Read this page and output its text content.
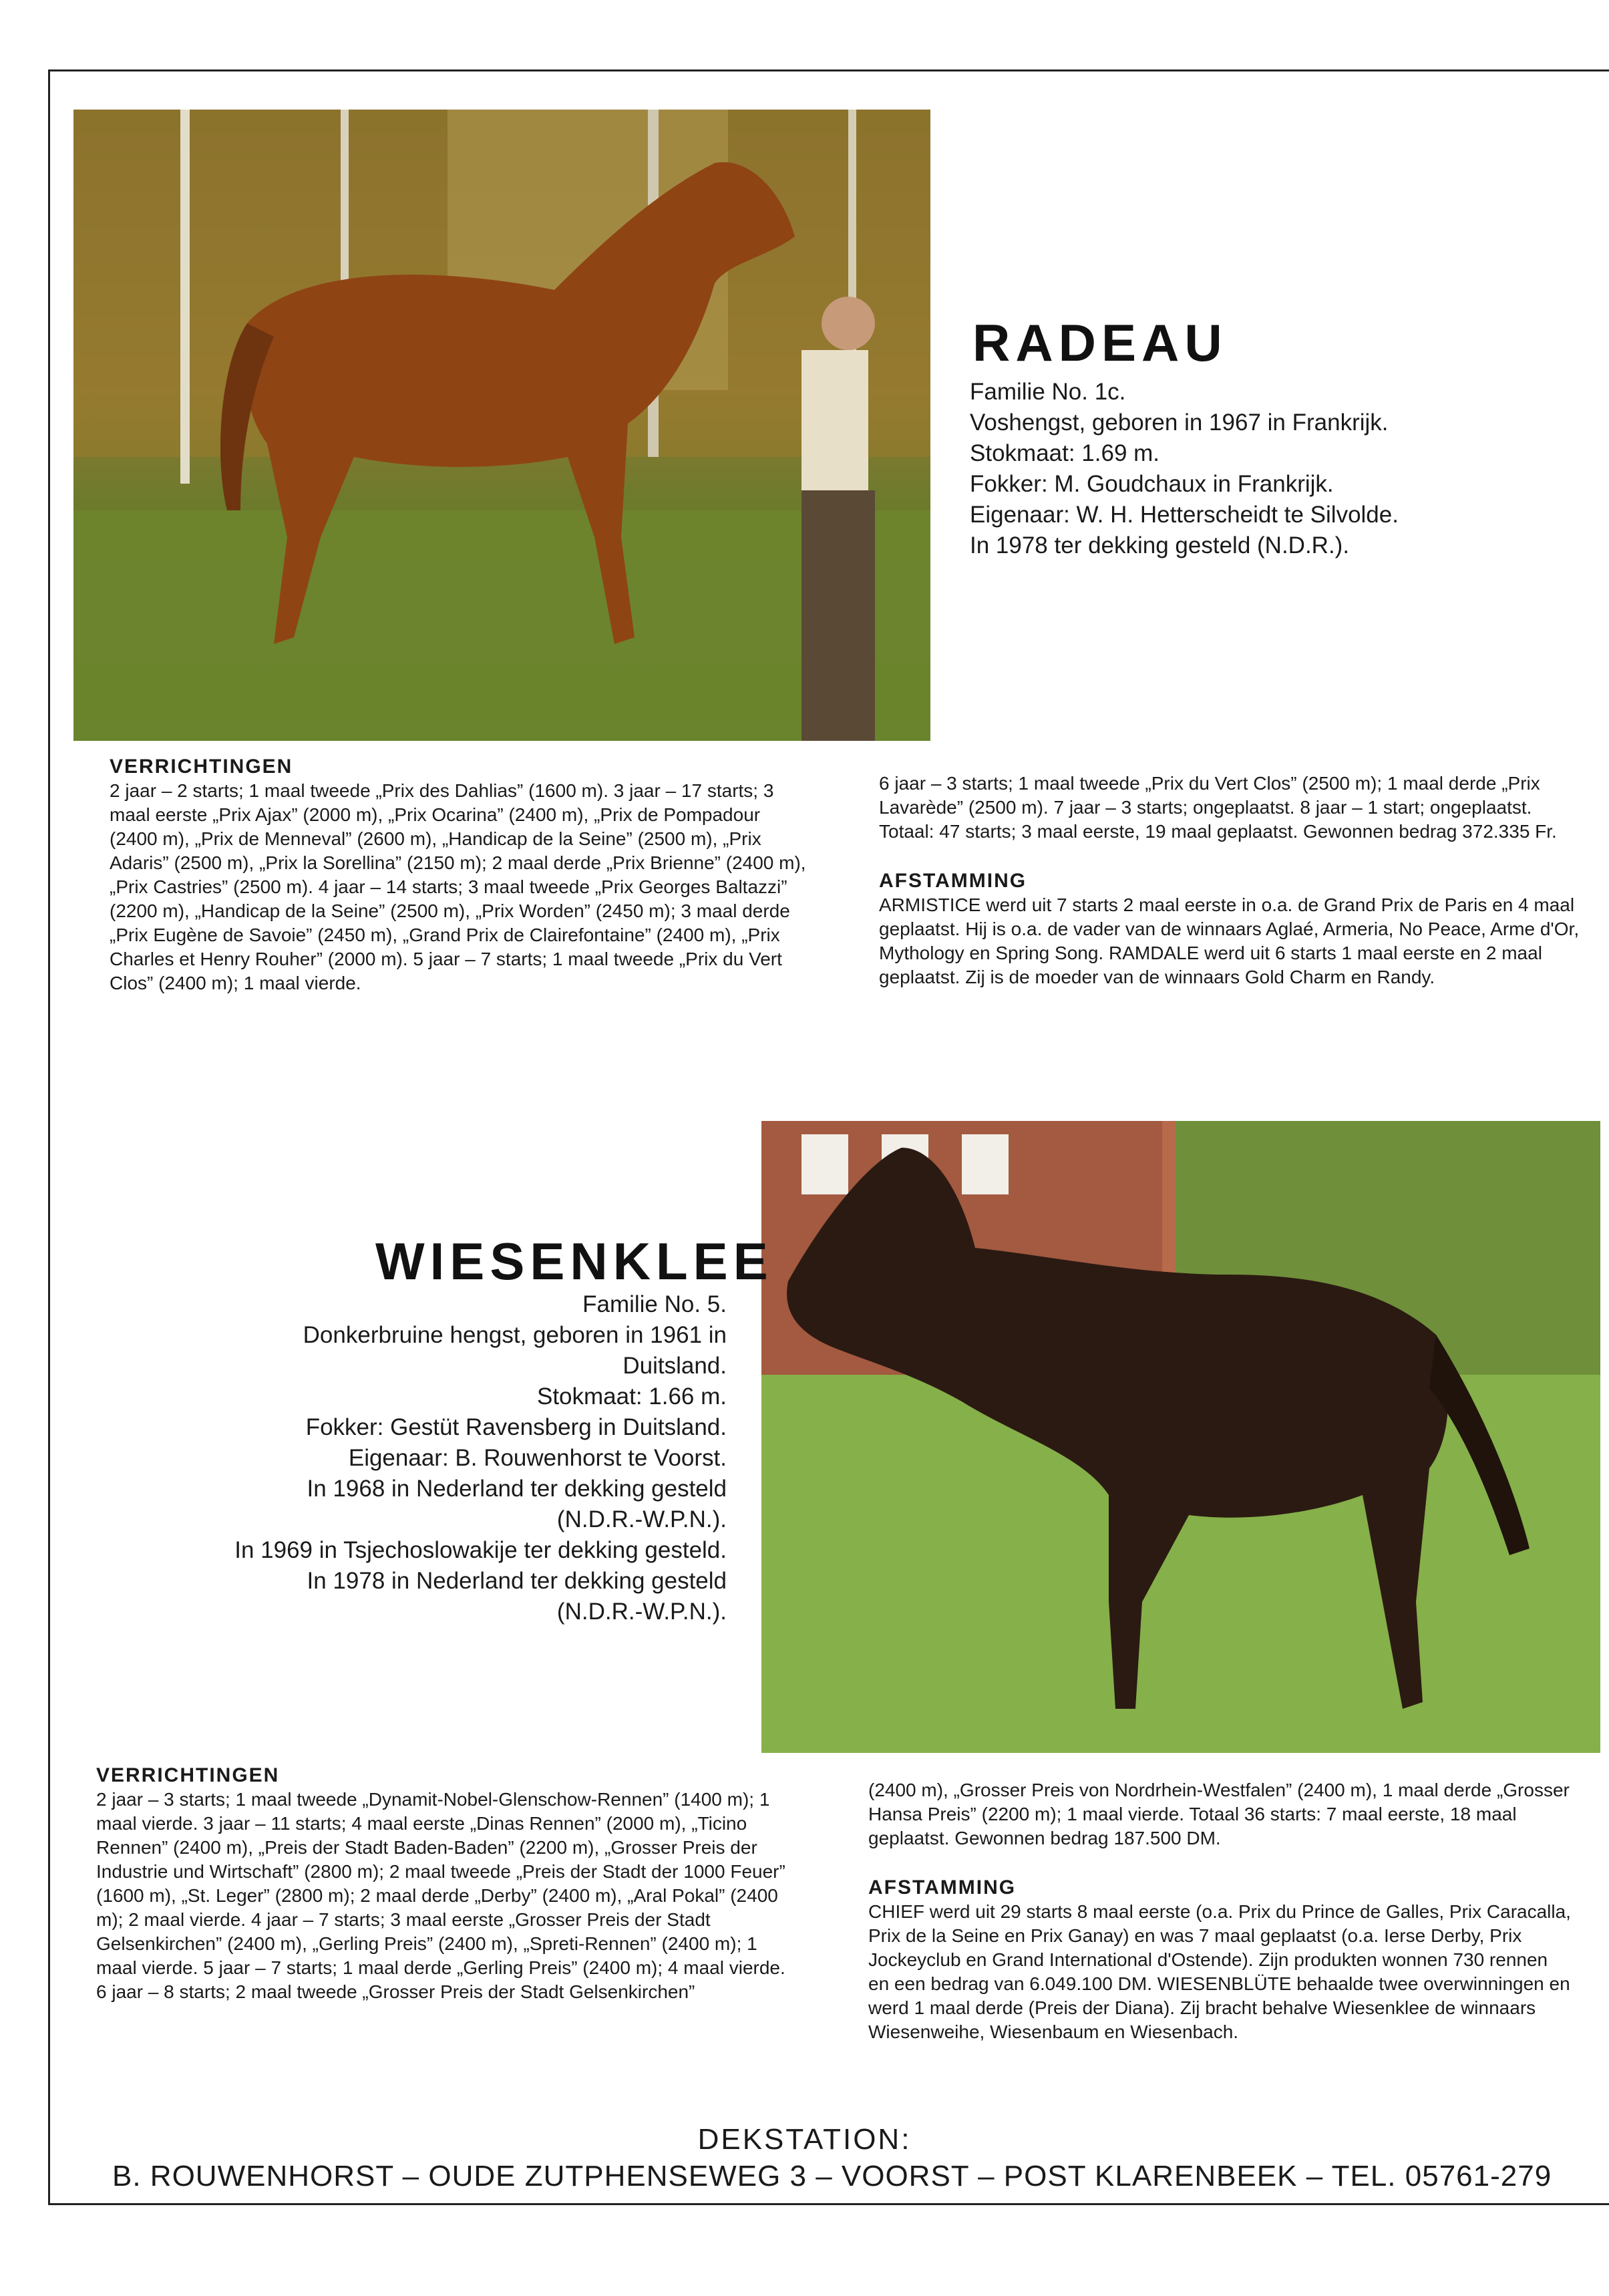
RADEAU
Familie No. 1c.
Voshengst, geboren in 1967 in Frankrijk.
Stokmaat: 1.69 m.
Fokker: M. Goudchaux in Frankrijk.
Eigenaar: W. H. Hetterscheidt te Silvolde.
In 1978 ter dekking gesteld (N.D.R.).

VERRICHTINGEN

2 jaar – 2 starts; 1 maal tweede „Prix des Dahlias” (1600 m). 3 jaar – 17 starts; 3 maal eerste „Prix Ajax” (2000 m), „Prix Ocarina” (2400 m), „Prix de Pompadour (2400 m), „Prix de Menneval” (2600 m), „Handicap de la Seine” (2500 m), „Prix Adaris” (2500 m), „Prix la Sorellina” (2150 m); 2 maal derde „Prix Brienne” (2400 m), „Prix Castries” (2500 m). 4 jaar – 14 starts; 3 maal tweede „Prix Georges Baltazzi” (2200 m), „Handicap de la Seine” (2500 m), „Prix Worden” (2450 m); 3 maal derde „Prix Eugène de Savoie” (2450 m), „Grand Prix de Clairefontaine” (2400 m), „Prix Charles et Henry Rouher” (2000 m). 5 jaar – 7 starts; 1 maal tweede „Prix du Vert Clos” (2400 m); 1 maal vierde.

6 jaar – 3 starts; 1 maal tweede „Prix du Vert Clos” (2500 m); 1 maal derde „Prix Lavarède” (2500 m). 7 jaar – 3 starts; ongeplaatst. 8 jaar – 1 start; ongeplaatst. Totaal: 47 starts; 3 maal eerste, 19 maal geplaatst. Gewonnen bedrag 372.335 Fr.

AFSTAMMING

ARMISTICE werd uit 7 starts 2 maal eerste in o.a. de Grand Prix de Paris en 4 maal geplaatst. Hij is o.a. de vader van de winnaars Aglaé, Armeria, No Peace, Arme d'Or, Mythology en Spring Song. RAMDALE werd uit 6 starts 1 maal eerste en 2 maal geplaatst. Zij is de moeder van de winnaars Gold Charm en Randy.

WIESENKLEE
Familie No. 5.
Donkerbruine hengst, geboren in 1961 in
Duitsland.
Stokmaat: 1.66 m.
Fokker: Gestüt Ravensberg in Duitsland.
Eigenaar: B. Rouwenhorst te Voorst.
In 1968 in Nederland ter dekking gesteld
(N.D.R.-W.P.N.).
In 1969 in Tsjechoslowakije ter dekking gesteld.
In 1978 in Nederland ter dekking gesteld
(N.D.R.-W.P.N.).

VERRICHTINGEN

2 jaar – 3 starts; 1 maal tweede „Dynamit-Nobel-Glenschow-Rennen” (1400 m); 1 maal vierde. 3 jaar – 11 starts; 4 maal eerste „Dinas Rennen” (2000 m), „Ticino Rennen” (2400 m), „Preis der Stadt Baden-Baden” (2200 m), „Grosser Preis der Industrie und Wirtschaft” (2800 m); 2 maal tweede „Preis der Stadt der 1000 Feuer” (1600 m), „St. Leger” (2800 m); 2 maal derde „Derby” (2400 m), „Aral Pokal” (2400 m); 2 maal vierde. 4 jaar – 7 starts; 3 maal eerste „Grosser Preis der Stadt Gelsenkirchen” (2400 m), „Gerling Preis” (2400 m), „Spreti-Rennen” (2400 m); 1 maal vierde. 5 jaar – 7 starts; 1 maal derde „Gerling Preis” (2400 m); 4 maal vierde. 6 jaar – 8 starts; 2 maal tweede „Grosser Preis der Stadt Gelsenkirchen”

(2400 m), „Grosser Preis von Nordrhein-Westfalen” (2400 m), 1 maal derde „Grosser Hansa Preis” (2200 m); 1 maal vierde. Totaal 36 starts: 7 maal eerste, 18 maal geplaatst. Gewonnen bedrag 187.500 DM.

AFSTAMMING

CHIEF werd uit 29 starts 8 maal eerste (o.a. Prix du Prince de Galles, Prix Caracalla, Prix de la Seine en Prix Ganay) en was 7 maal geplaatst (o.a. Ierse Derby, Prix Jockeyclub en Grand International d'Ostende). Zijn produkten wonnen 730 rennen en een bedrag van 6.049.100 DM. WIESENBLÜTE behaalde twee overwinningen en werd 1 maal derde (Preis der Diana). Zij bracht behalve Wiesenklee de winnaars Wiesenweihe, Wiesenbaum en Wiesenbach.

DEKSTATION:
B. ROUWENHORST – OUDE ZUTPHENSEWEG 3 – VOORST – POST KLARENBEEK – TEL. 05761-279
